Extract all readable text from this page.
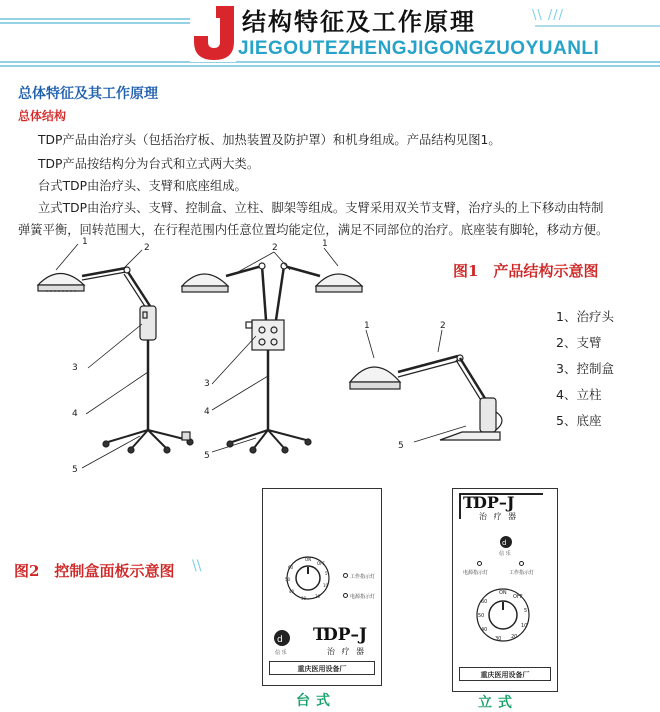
结构特征及工作原理
JIEGOUTEZHENGJIGONGZUOYUANLI
\\ ///
总体特征及其工作原理
总体结构
TDP产品由治疗头（包括治疗板、加热装置及防护罩）和机身组成。产品结构见图1。
TDP产品按结构分为台式和立式两大类。
台式TDP由治疗头、支臂和底座组成。
立式TDP由治疗头、支臂、控制盒、立柱、脚架等组成。支臂采用双关节支臂，治疗头的上下移动由特制
弹簧平衡，回转范围大，在行程范围内任意位置均能定位，满足不同部位的治疗。底座装有脚轮，移动方便。
1
2
3
4
5
2	1
3
4
5
1	2
5
图1　产品结构示意图
1、治疗头
2、支臂
3、控制盒
4、立柱
5、底座
图2　控制盒面板示意图 \\	ON
OFF
60
50
40
30 20
10
5
工作指示灯
电源指示灯
d
信 乐
T
DP–J
治 疗 器
重庆医用设备厂
台式
T
DP–J
治 疗 器
d
信 乐
电源指示灯	工作指示灯
ON
OFF
60
50
40
30 20
10
5
重庆医用设备厂
立式
